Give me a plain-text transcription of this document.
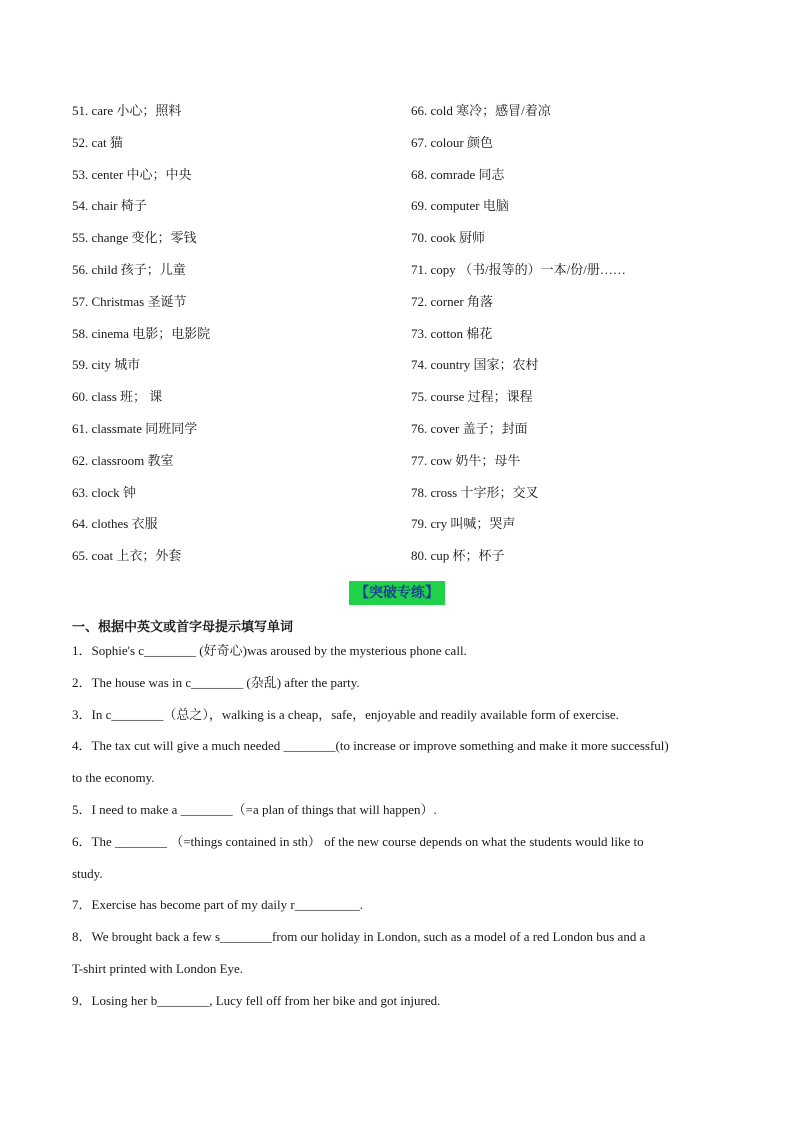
51. care 小心；照料
52. cat 猫
53. center 中心；中央
54. chair 椅子
55. change 变化；零钱
56. child 孩子；儿童
57. Christmas 圣诞节
58. cinema 电影；电影院
59. city 城市
60. class 班； 课
61. classmate 同班同学
62. classroom 教室
63. clock 钟
64. clothes 衣服
65. coat 上衣；外套
66. cold 寒冷；感冒/着凉
67. colour 颜色
68. comrade 同志
69. computer 电脑
70. cook 厨师
71. copy （书/报等的）一本/份/册……
72. corner 角落
73. cotton 棉花
74. country 国家；农村
75. course 过程；课程
76. cover 盖子；封面
77. cow 奶牛；母牛
78. cross 十字形；交叉
79. cry 叫喊；哭声
80. cup 杯；杯子
【突破专练】
一、根据中英文或首字母提示填写单词
1．Sophie's c________ (好奇心)was aroused by the mysterious phone call.
2．The house was in c________ (杂乱) after the party.
3．In c________（总之），walking is a cheap，safe，enjoyable and readily available form of exercise.
4．The tax cut will give a much needed ________(to increase or improve something and make it more successful)
to the economy.
5．I need to make a ________（=a plan of things that will happen）.
6．The ________ （=things contained in sth） of the new course depends on what the students would like to
study.
7．Exercise has become part of my daily r__________.
8．We brought back a few s________from our holiday in London, such as a model of a red London bus and a
T-shirt printed with London Eye.
9．Losing her b________, Lucy fell off from her bike and got injured.
